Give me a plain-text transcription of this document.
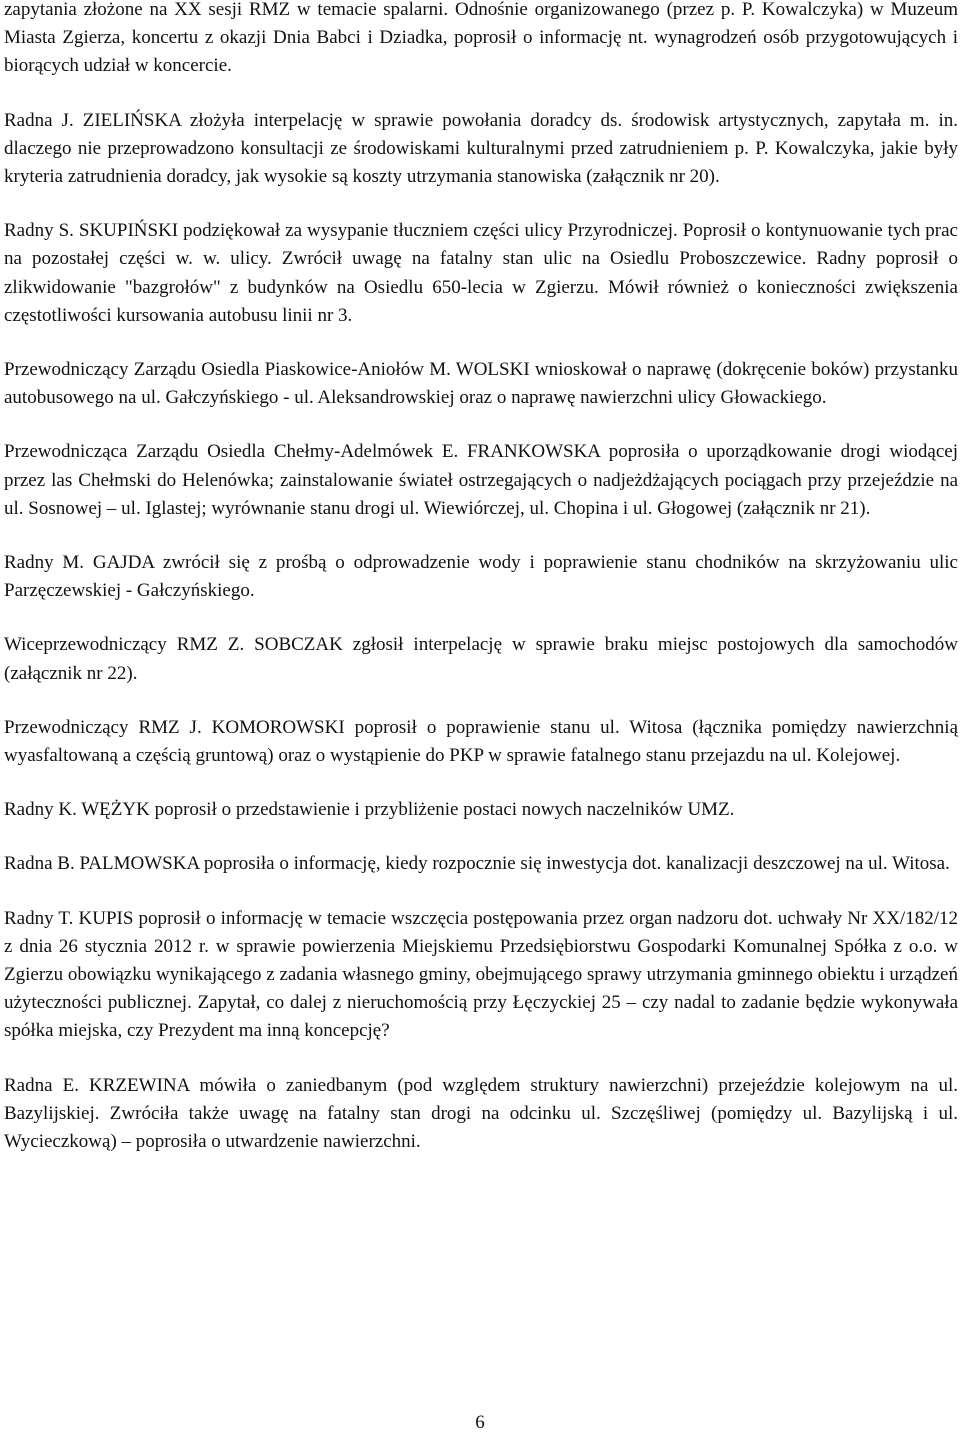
zapytania złożone na XX sesji RMZ w temacie spalarni. Odnośnie organizowanego (przez p. P. Kowalczyka) w Muzeum Miasta Zgierza, koncertu z okazji Dnia Babci i Dziadka, poprosił o informację nt. wynagrodzeń osób przygotowujących i biorących udział w koncercie.

Radna J. ZIELIŃSKA złożyła interpelację w sprawie powołania doradcy ds. środowisk artystycznych, zapytała m. in. dlaczego nie przeprowadzono konsultacji ze środowiskami kulturalnymi przed zatrudnieniem p. P. Kowalczyka, jakie były kryteria zatrudnienia doradcy, jak wysokie są koszty utrzymania stanowiska (załącznik nr 20).

Radny S. SKUPIŃSKI podziękował za wysypanie tłuczniem części ulicy Przyrodniczej. Poprosił o kontynuowanie tych prac na pozostałej części w. w. ulicy. Zwrócił uwagę na fatalny stan ulic na Osiedlu Proboszczewice. Radny poprosił o zlikwidowanie "bazgrołów" z budynków na Osiedlu 650-lecia w Zgierzu. Mówił również o konieczności zwiększenia częstotliwości kursowania autobusu linii nr 3.

Przewodniczący Zarządu Osiedla Piaskowice-Aniołów M. WOLSKI wnioskował o naprawę (dokręcenie boków) przystanku autobusowego na ul. Gałczyńskiego - ul. Aleksandrowskiej oraz o naprawę nawierzchni ulicy Głowackiego.

Przewodnicząca Zarządu Osiedla Chełmy-Adelmówek E. FRANKOWSKA poprosiła o uporządkowanie drogi wiodącej przez las Chełmski do Helenówka; zainstalowanie świateł ostrzegających o nadjeżdżających pociągach przy przejeździe na ul. Sosnowej – ul. Iglastej; wyrównanie stanu drogi ul. Wiewiórczej, ul. Chopina i ul. Głogowej (załącznik nr 21).

Radny M. GAJDA zwrócił się z prośbą o odprowadzenie wody i poprawienie stanu chodników na skrzyżowaniu ulic Parzęczewskiej - Gałczyńskiego.

Wiceprzewodniczący RMZ Z. SOBCZAK zgłosił interpelację w sprawie braku miejsc postojowych dla samochodów (załącznik nr 22).

Przewodniczący RMZ J. KOMOROWSKI poprosił o poprawienie stanu ul. Witosa (łącznika pomiędzy nawierzchnią wyasfaltowaną a częścią gruntową) oraz o wystąpienie do PKP w sprawie fatalnego stanu przejazdu na ul. Kolejowej.

Radny K. WĘŻYK poprosił o przedstawienie i przybliżenie postaci nowych naczelników UMZ.

Radna B. PALMOWSKA poprosiła o informację, kiedy rozpocznie się inwestycja dot. kanalizacji deszczowej na ul. Witosa.

Radny T. KUPIS poprosił o informację w temacie wszczęcia postępowania przez organ nadzoru dot. uchwały Nr XX/182/12 z dnia 26 stycznia 2012 r. w sprawie powierzenia Miejskiemu Przedsiębiorstwu Gospodarki Komunalnej Spółka z o.o. w Zgierzu obowiązku wynikającego z zadania własnego gminy, obejmującego sprawy utrzymania gminnego obiektu i urządzeń użyteczności publicznej. Zapytał, co dalej z nieruchomością przy Łęczyckiej 25 – czy nadal to zadanie będzie wykonywała spółka miejska, czy Prezydent ma inną koncepcję?

Radna E. KRZEWINA mówiła o zaniedbanym (pod względem struktury nawierzchni) przejeździe kolejowym na ul. Bazylijskiej. Zwróciła także uwagę na fatalny stan drogi na odcinku ul. Szczęśliwej (pomiędzy ul. Bazylijską i ul. Wycieczkową) – poprosiła o utwardzenie nawierzchni.

6
